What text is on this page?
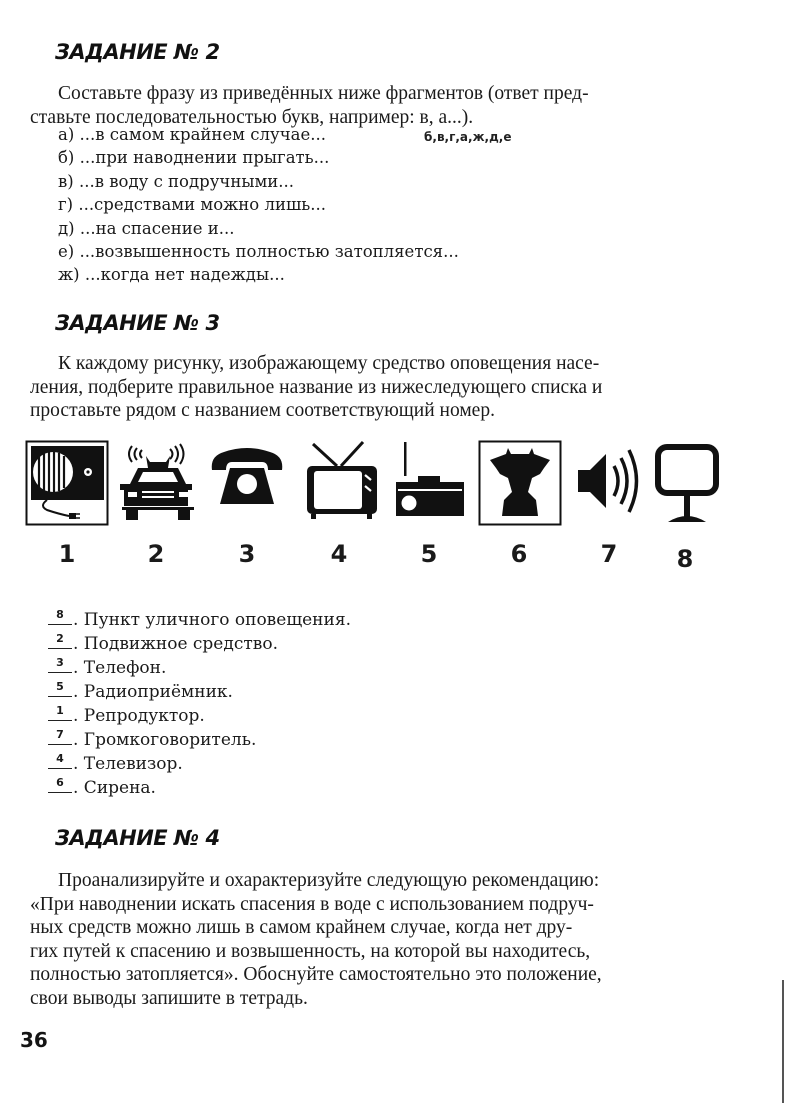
ЗАДАНИЕ № 2
Составьте фразу из приведённых ниже фрагментов (ответ пред-
ставьте последовательностью букв, например: в, а...).
а) ...в самом крайнем случае...
б) ...при наводнении прыгать...
в) ...в воду с подручными...
г) ...средствами можно лишь...
д) ...на спасение и...
е) ...возвышенность полностью затопляется...
ж) ...когда нет надежды...
б,в,г,а,ж,д,е
ЗАДАНИЕ № 3
К каждому рисунку, изображающему средство оповещения насе-
ления, подберите правильное название из нижеследующего списка и
проставьте рядом с названием соответствующий номер.
1	2	3	4	5	6	7 8
8 . Пункт уличного оповещения.
2 . Подвижное средство.
3 . Телефон.
5 . Радиоприёмник.
1 . Репродуктор.
7 . Громкоговоритель.
4 . Телевизор.
6 . Сирена.
ЗАДАНИЕ № 4
Проанализируйте и охарактеризуйте следующую рекомендацию:
«При наводнении искать спасения в воде с использованием подруч-
ных средств можно лишь в самом крайнем случае, когда нет дру-
гих путей к спасению и возвышенность, на которой вы находитесь,
полностью затопляется». Обоснуйте самостоятельно это положение,
свои выводы запишите в тетрадь.
36
